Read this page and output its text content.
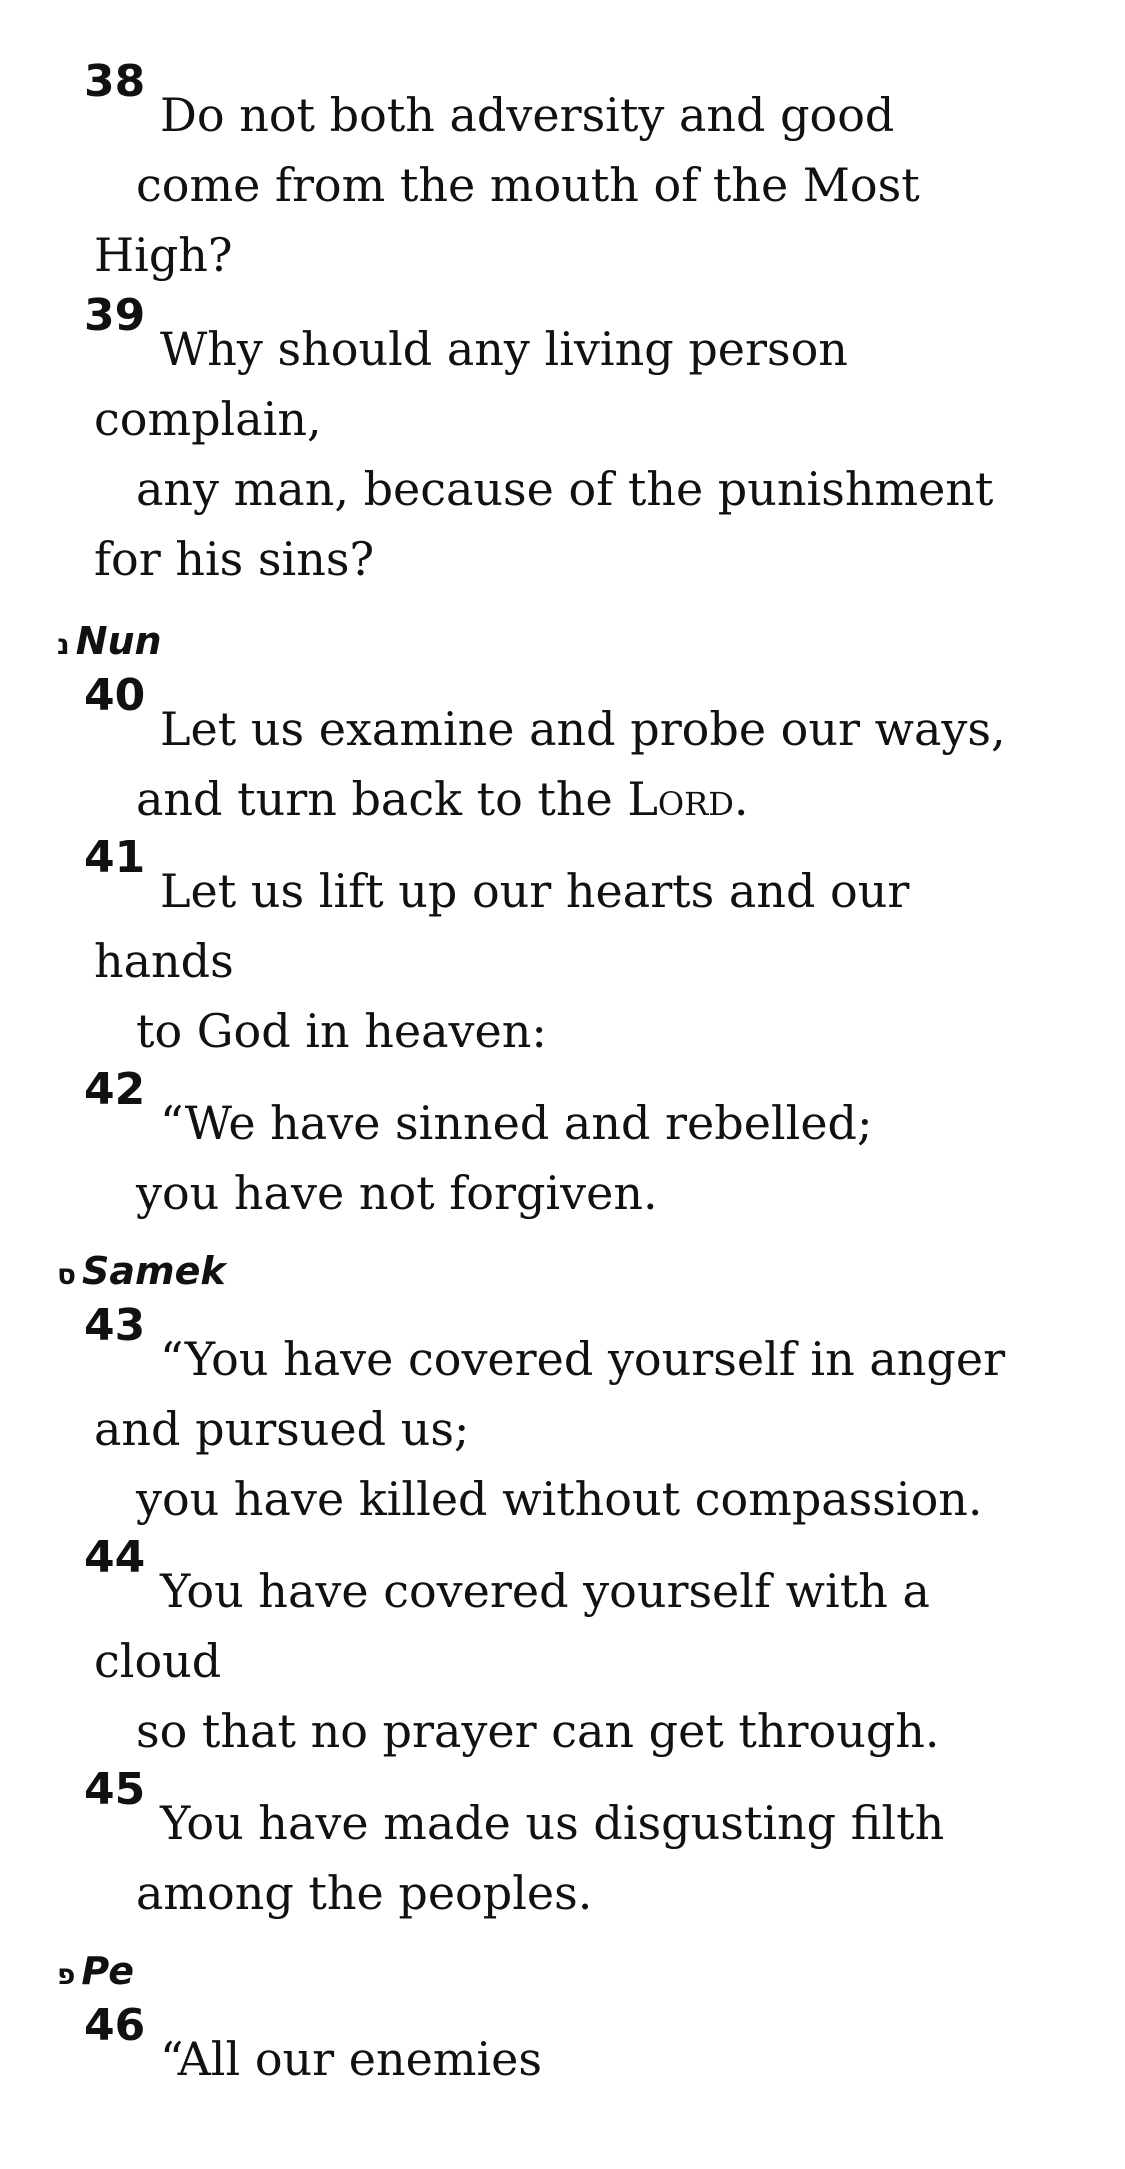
38
Do not both adversity and good
come from the mouth of the Most
High?
39
Why should any living person
complain,
any man, because of the punishment
for his sins?
נ Nun
40
Let us examine and probe our ways,
and turn back to the Lord.
41
Let us lift up our hearts and our
hands
to God in heaven:
42
“We have sinned and rebelled;
you have not forgiven.
ס Samek
43
“You have covered yourself in anger
and pursued us;
you have killed without compassion.
44
You have covered yourself with a
cloud
so that no prayer can get through.
45
You have made us disgusting filth
among the peoples.
פ Pe
46
“All our enemies
